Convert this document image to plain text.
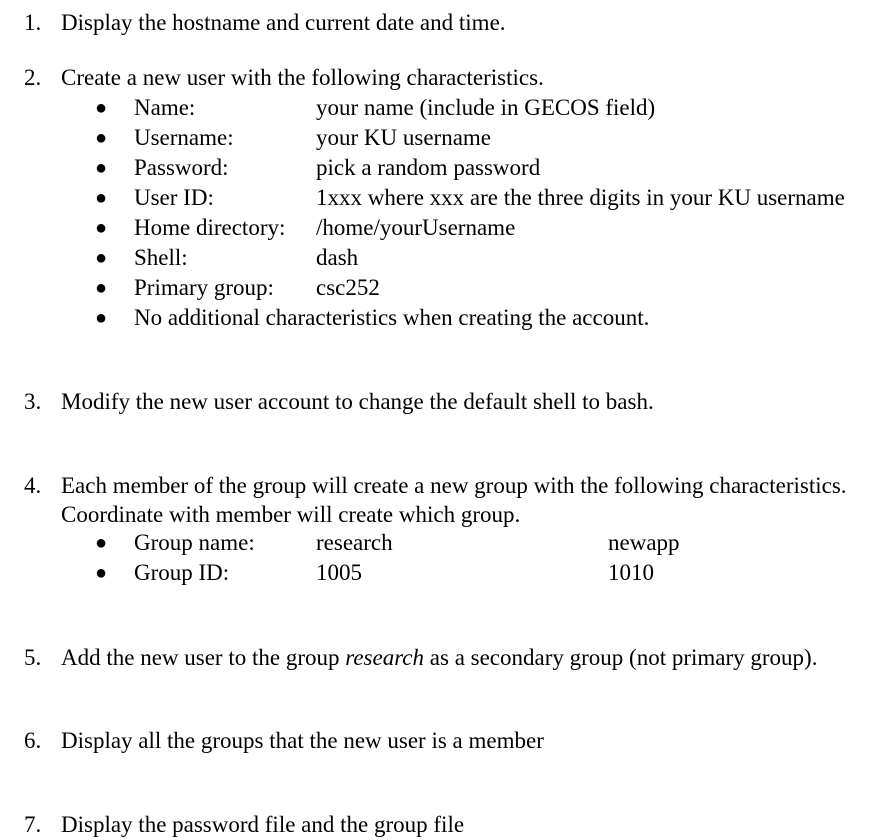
1. Display the hostname and current date and time.
2. Create a new user with the following characteristics.
● Name:	your name (include in GECOS field)
● Username:	your KU username
● Password:	pick a random password
● User ID:	1xxx where xxx are the three digits in your KU username
● Home directory: /home/yourUsername
● Shell:	dash
● Primary group: csc252
● No additional characteristics when creating the account.
3. Modify the new user account to change the default shell to bash.
4. Each member of the group will create a new group with the following characteristics.
Coordinate with member will create which group.
● Group name:	research	newapp
● Group ID:	1005	1010
5. Add the new user to the group research as a secondary group (not primary group).
6. Display all the groups that the new user is a member
7. Display the password file and the group file
